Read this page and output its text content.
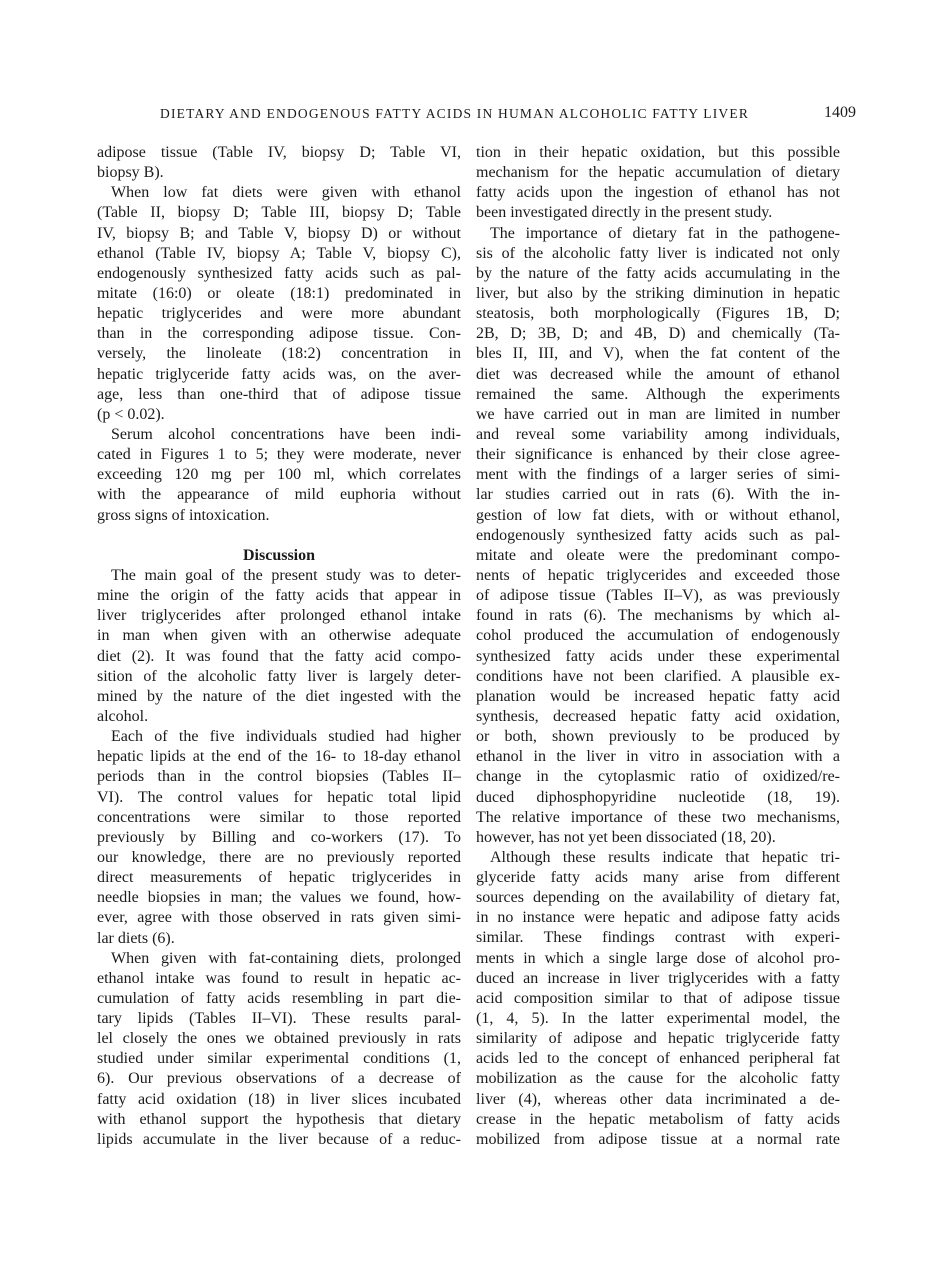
DIETARY AND ENDOGENOUS FATTY ACIDS IN HUMAN ALCOHOLIC FATTY LIVER	1409
adipose tissue (Table IV, biopsy D; Table VI,
biopsy B).
When low fat diets were given with ethanol
(Table II, biopsy D; Table III, biopsy D; Table
IV, biopsy B; and Table V, biopsy D) or without
ethanol (Table IV, biopsy A; Table V, biopsy C),
endogenously synthesized fatty acids such as pal-
mitate (16:0) or oleate (18:1) predominated in
hepatic triglycerides and were more abundant
than in the corresponding adipose tissue. Con-
versely, the linoleate (18:2) concentration in
hepatic triglyceride fatty acids was, on the aver-
age, less than one-third that of adipose tissue
(p < 0.02).
Serum alcohol concentrations have been indi-
cated in Figures 1 to 5; they were moderate, never
exceeding 120 mg per 100 ml, which correlates
with the appearance of mild euphoria without
gross signs of intoxication.
Discussion
The main goal of the present study was to deter-
mine the origin of the fatty acids that appear in
liver triglycerides after prolonged ethanol intake
in man when given with an otherwise adequate
diet (2). It was found that the fatty acid compo-
sition of the alcoholic fatty liver is largely deter-
mined by the nature of the diet ingested with the
alcohol.
Each of the five individuals studied had higher
hepatic lipids at the end of the 16- to 18-day ethanol
periods than in the control biopsies (Tables II–
VI). The control values for hepatic total lipid
concentrations were similar to those reported
previously by Billing and co-workers (17). To
our knowledge, there are no previously reported
direct measurements of hepatic triglycerides in
needle biopsies in man; the values we found, how-
ever, agree with those observed in rats given simi-
lar diets (6).
When given with fat-containing diets, prolonged
ethanol intake was found to result in hepatic ac-
cumulation of fatty acids resembling in part die-
tary lipids (Tables II–VI). These results paral-
lel closely the ones we obtained previously in rats
studied under similar experimental conditions (1,
6). Our previous observations of a decrease of
fatty acid oxidation (18) in liver slices incubated
with ethanol support the hypothesis that dietary
lipids accumulate in the liver because of a reduc-
tion in their hepatic oxidation, but this possible
mechanism for the hepatic accumulation of dietary
fatty acids upon the ingestion of ethanol has not
been investigated directly in the present study.
The importance of dietary fat in the pathogene-
sis of the alcoholic fatty liver is indicated not only
by the nature of the fatty acids accumulating in the
liver, but also by the striking diminution in hepatic
steatosis, both morphologically (Figures 1B, D;
2B, D; 3B, D; and 4B, D) and chemically (Ta-
bles II, III, and V), when the fat content of the
diet was decreased while the amount of ethanol
remained the same. Although the experiments
we have carried out in man are limited in number
and reveal some variability among individuals,
their significance is enhanced by their close agree-
ment with the findings of a larger series of simi-
lar studies carried out in rats (6). With the in-
gestion of low fat diets, with or without ethanol,
endogenously synthesized fatty acids such as pal-
mitate and oleate were the predominant compo-
nents of hepatic triglycerides and exceeded those
of adipose tissue (Tables II–V), as was previously
found in rats (6). The mechanisms by which al-
cohol produced the accumulation of endogenously
synthesized fatty acids under these experimental
conditions have not been clarified. A plausible ex-
planation would be increased hepatic fatty acid
synthesis, decreased hepatic fatty acid oxidation,
or both, shown previously to be produced by
ethanol in the liver in vitro in association with a
change in the cytoplasmic ratio of oxidized/re-
duced diphosphopyridine nucleotide (18, 19).
The relative importance of these two mechanisms,
however, has not yet been dissociated (18, 20).
Although these results indicate that hepatic tri-
glyceride fatty acids many arise from different
sources depending on the availability of dietary fat,
in no instance were hepatic and adipose fatty acids
similar. These findings contrast with experi-
ments in which a single large dose of alcohol pro-
duced an increase in liver triglycerides with a fatty
acid composition similar to that of adipose tissue
(1, 4, 5). In the latter experimental model, the
similarity of adipose and hepatic triglyceride fatty
acids led to the concept of enhanced peripheral fat
mobilization as the cause for the alcoholic fatty
liver (4), whereas other data incriminated a de-
crease in the hepatic metabolism of fatty acids
mobilized from adipose tissue at a normal rate
